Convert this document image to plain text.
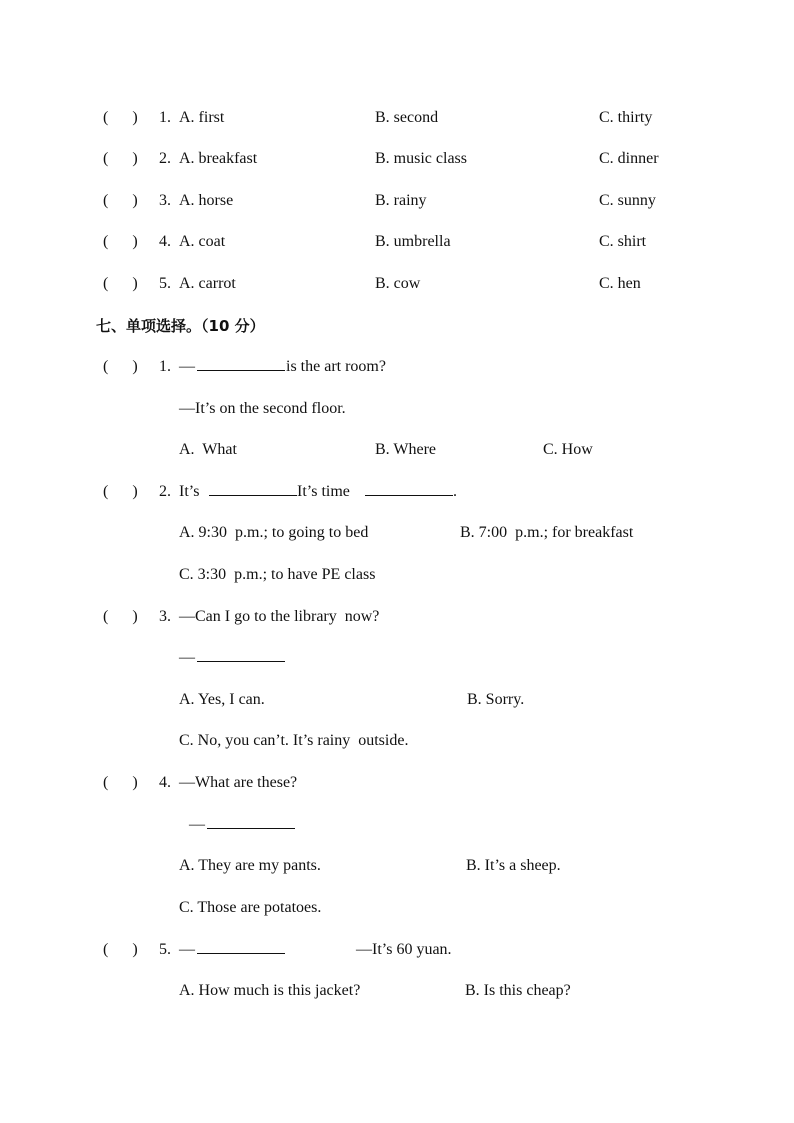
(      ) 1. A. first	B. second	C. thirty
(      ) 2. A. breakfast	B. music class	C. dinner
(      ) 3. A. horse	B. rainy	C. sunny
(      ) 4. A. coat	B. umbrella	C. shirt
(      ) 5. A. carrot	B. cow	C. hen
七、单项选择。（10 分）
(      ) 1. —	is the art room?
—It’s on the second floor.
A.  What	B. Where	C. How
(      ) 2. It’s	It’s time	.
A. 9:30  p.m.; to going to bed	B. 7:00  p.m.; for breakfast
C. 3:30  p.m.; to have PE class
(      ) 3. —Can I go to the library  now?
—
A. Yes, I can.	B. Sorry.
C. No, you can’t. It’s rainy  outside.
(      ) 4. —What are these?
—
A. They are my pants.	B. It’s a sheep.
C. Those are potatoes.
(      ) 5. —	—It’s 60 yuan.
A. How much is this jacket?	B. Is this cheap?
